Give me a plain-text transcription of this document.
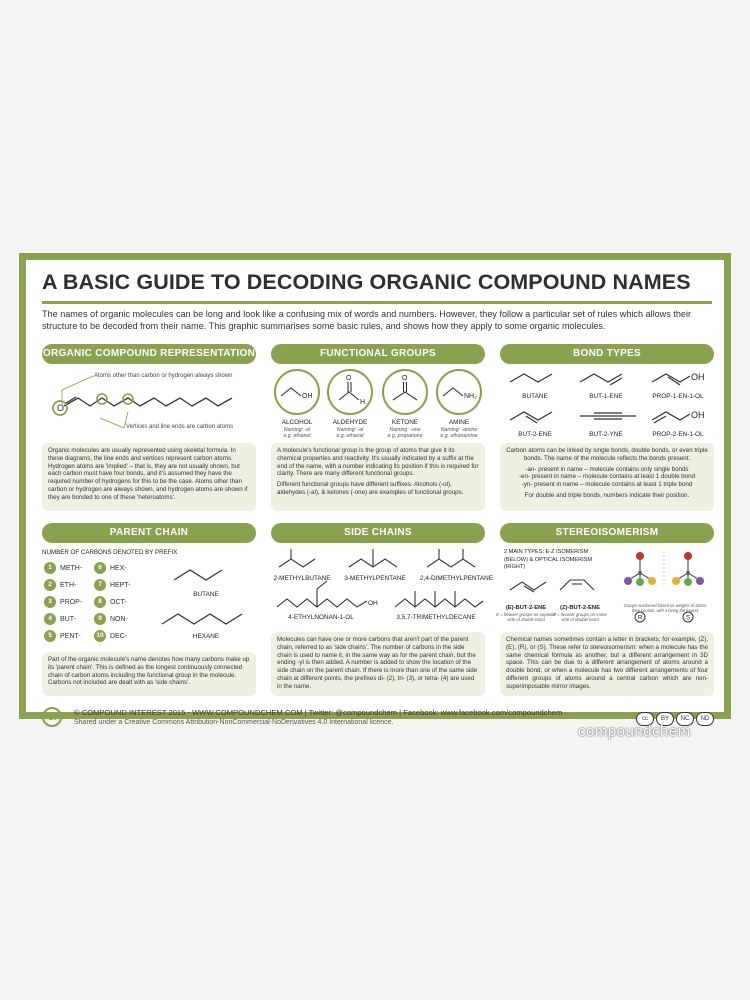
A BASIC GUIDE TO DECODING ORGANIC COMPOUND NAMES
The names of organic molecules can be long and look like a confusing mix of words and numbers. However, they follow a particular set of rules which allows their structure to be decoded from their name. This graphic summarises some basic rules, and shows how they apply to some organic molecules.
ORGANIC COMPOUND REPRESENTATION
Atoms other than carbon or hydrogen always shown
Vertices and line ends are carbon atoms
O

Organic molecules are usually represented using skeletal formula. In these diagrams, the line ends and vertices represent carbon atoms. Hydrogen atoms are 'implied' – that is, they are not usually shown, but each carbon must have four bonds, and it's assumed they have the required number of hydrogens for this to be the case. Atoms other than carbon or hydrogen are always shown, and hydrogen atoms are shown if they are bonded to one of these 'heteroatoms'.

FUNCTIONAL GROUPS
OH
O
H
O
NH₂
ALCOHOL
Naming: -ol
e.g. ethanol
ALDEHYDE
Naming: -al
e.g. ethanal
KETONE
Naming: -one
e.g. propanone
AMINE
Naming: -amine
e.g. ethanamine

A molecule's functional group is the group of atoms that give it its chemical properties and reactivity. It's usually indicated by a suffix at the end of the name, with a number indicating its position if this is required for clarity. There are many different functional groups.

Different functional groups have different suffixes. Alcohols (-ol), aldehydes (-al), & ketones (-one) are examples of functional groups.

BOND TYPES
OH
OH
BUTANE	BUT-1-ENE	PROP-1-EN-1-OL
BUT-2-ENE	BUT-2-YNE	PROP-2-EN-1-OL

Carbon atoms can be linked by single bonds, double bonds, or even triple bonds. The name of the molecule reflects the bonds present.

-an- present in name – molecule contains only single bonds
-en- present in name – molecule contains at least 1 double bond
-yn- present in name – molecule contains at least 1 triple bond
For double and triple bonds, numbers indicate their position.
PARENT CHAIN
NUMBER OF CARBONS DENOTED BY PREFIX
1 METH-
2 ETH-
3 PROP-
4 BUT-
5 PENT-
6 HEX-
7 HEPT-
8 OCT-
9 NON-
10 DEC-
BUTANE
HEXANE

Part of the organic molecule's name denotes how many carbons make up its 'parent chain'. This is defined as the longest continuously connected chain of carbon atoms including the functional group in the molecule. Carbons not included are dealt with as 'side chains'.

SIDE CHAINS
OH
2-METHYLBUTANE	3-METHYLPENTANE 2,4-DIMETHYLPENTANE
4-ETHYLNONAN-1-OL	3,5,7-TRIMETHYLDECANE

Molecules can have one or more carbons that aren't part of the parent chain, referred to as 'side chains'. The number of carbons in the side chain is used to name it, in the same way as for the parent chain, but the ending -yl is then added. A number is added to show the location of the side chain on the parent chain. If there is more than one of the same side chain at different points, the prefixes di- (2), tri- (3), or tetra- (4) are used in the name.

STEREOISOMERISM
2 MAIN TYPES: E-Z ISOMERISM (BELOW) & OPTICAL ISOMERISM (RIGHT)
(E)-BUT-2-ENE
E = heavier groups on opposite side of double bond
(Z)-BUT-2-ENE
Z = heavier groups on same side of double bond	R	S
Groups numbered based on weights of atoms they contain, with 4 being the lowest

Chemical names sometimes contain a letter in brackets; for example, (Z), (E), (R), or (S). These refer to stereoisomerism: when a molecule has the same chemical formula as another, but a different arrangement in 3D space. This can be due to a different arrangement of atoms around a double bond, or when a molecule has two different arrangements of four different groups of atoms around a central carbon which are non-superimposable mirror images.

Ci	© COMPOUND INTEREST 2015 - WWW.COMPOUNDCHEM.COM | Twitter: @compoundchem | Facebook: www.facebook.com/compoundchem
Shared under a Creative Commons Attribution-NonCommercial-NoDerivatives 4.0 International licence.	cc	BY	NC	ND
compoundchem
